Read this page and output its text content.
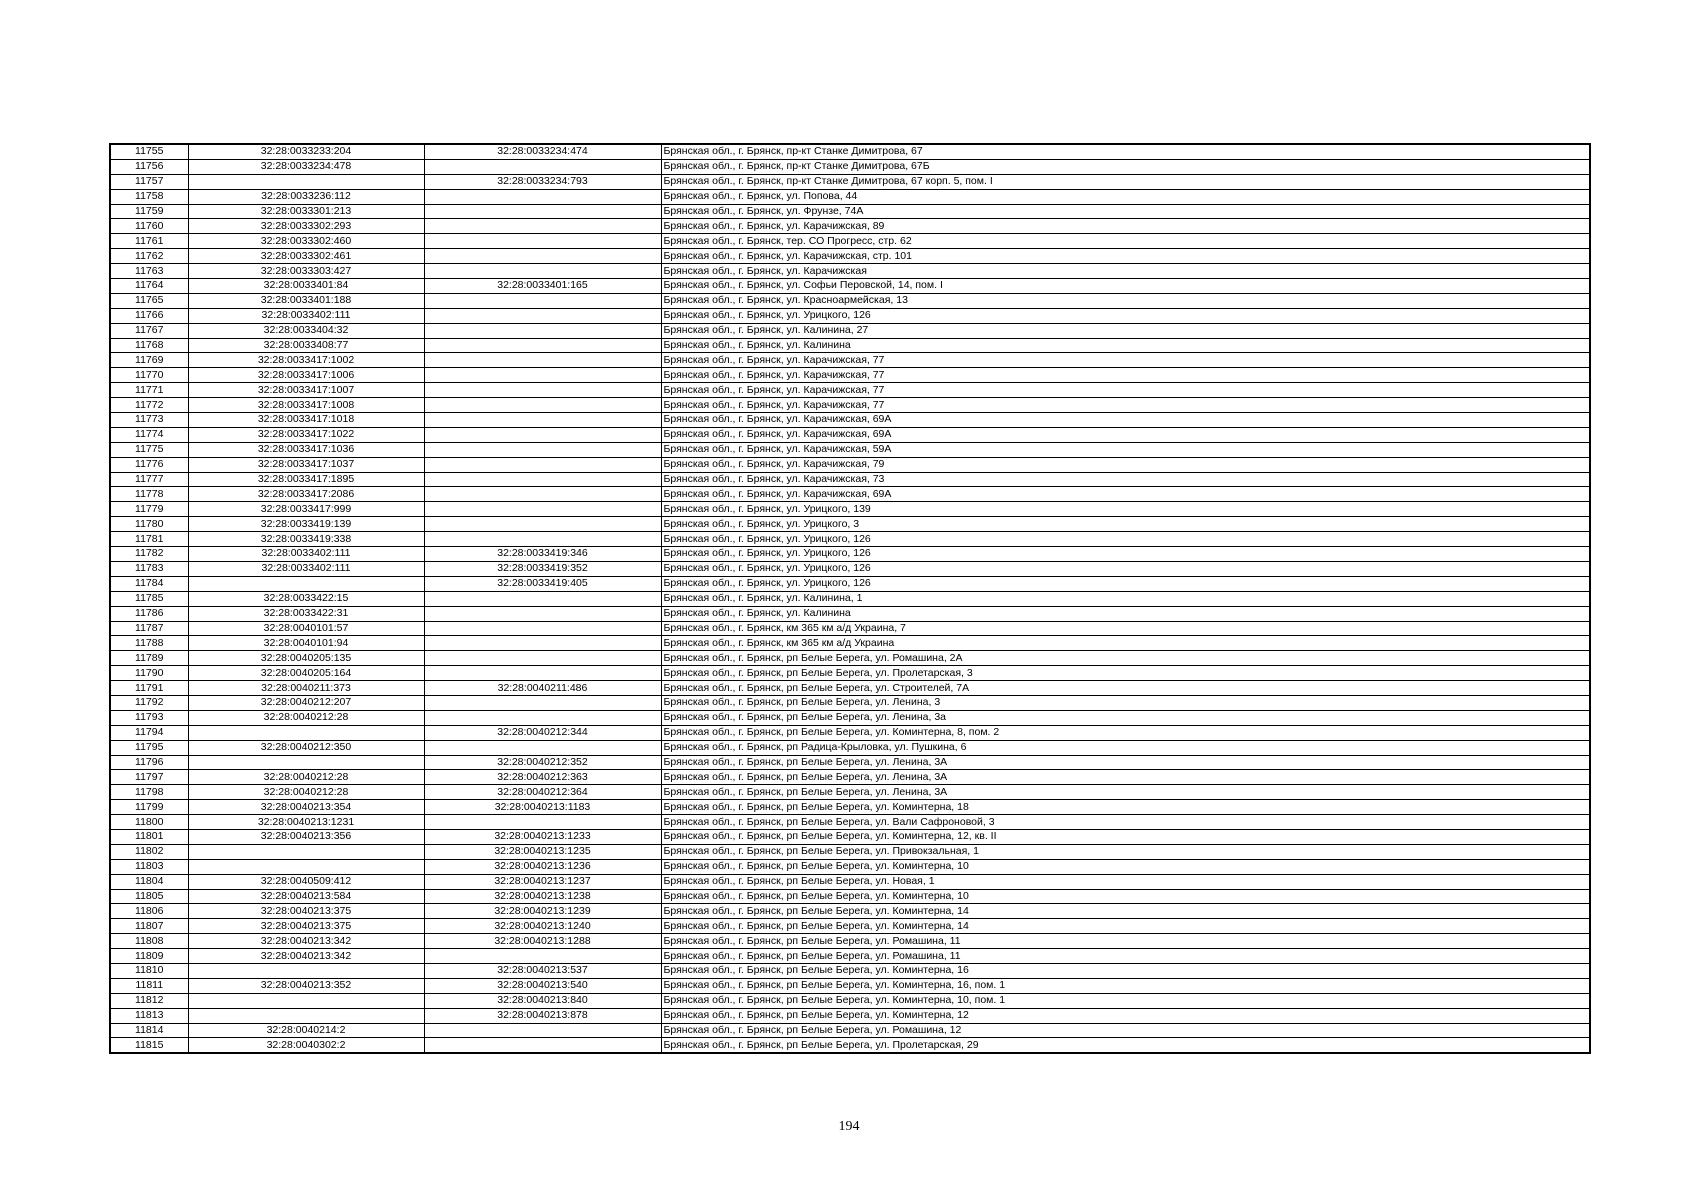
11755	32:28:0033233:204	32:28:0033234:474	Брянская обл., г. Брянск, пр-кт Станке Димитрова, 67
11756	32:28:0033234:478		Брянская обл., г. Брянск, пр-кт Станке Димитрова, 67Б
11757		32:28:0033234:793	Брянская обл., г. Брянск, пр-кт Станке Димитрова, 67 корп. 5, пом. I
11758	32:28:0033236:112		Брянская обл., г. Брянск, ул. Попова, 44
11759	32:28:0033301:213		Брянская обл., г. Брянск, ул. Фрунзе, 74А
11760	32:28:0033302:293		Брянская обл., г. Брянск, ул. Карачижская, 89
11761	32:28:0033302:460		Брянская обл., г. Брянск, тер. СО Прогресс, стр. 62
11762	32:28:0033302:461		Брянская обл., г. Брянск, ул. Карачижская, стр. 101
11763	32:28:0033303:427		Брянская обл., г. Брянск, ул. Карачижская
11764	32:28:0033401:84	32:28:0033401:165	Брянская обл., г. Брянск, ул. Софьи Перовской, 14, пом. I
11765	32:28:0033401:188		Брянская обл., г. Брянск, ул. Красноармейская, 13
11766	32:28:0033402:111		Брянская обл., г. Брянск, ул. Урицкого, 126
11767	32:28:0033404:32		Брянская обл., г. Брянск, ул. Калинина, 27
11768	32:28:0033408:77		Брянская обл., г. Брянск, ул. Калинина
11769	32:28:0033417:1002		Брянская обл., г. Брянск, ул. Карачижская, 77
11770	32:28:0033417:1006		Брянская обл., г. Брянск, ул. Карачижская, 77
11771	32:28:0033417:1007		Брянская обл., г. Брянск, ул. Карачижская, 77
11772	32:28:0033417:1008		Брянская обл., г. Брянск, ул. Карачижская, 77
11773	32:28:0033417:1018		Брянская обл., г. Брянск, ул. Карачижская, 69А
11774	32:28:0033417:1022		Брянская обл., г. Брянск, ул. Карачижская, 69А
11775	32:28:0033417:1036		Брянская обл., г. Брянск, ул. Карачижская, 59А
11776	32:28:0033417:1037		Брянская обл., г. Брянск, ул. Карачижская, 79
11777	32:28:0033417:1895		Брянская обл., г. Брянск, ул. Карачижская, 73
11778	32:28:0033417:2086		Брянская обл., г. Брянск, ул. Карачижская, 69А
11779	32:28:0033417:999		Брянская обл., г. Брянск, ул. Урицкого, 139
11780	32:28:0033419:139		Брянская обл., г. Брянск, ул. Урицкого, 3
11781	32:28:0033419:338		Брянская обл., г. Брянск, ул. Урицкого, 126
11782	32:28:0033402:111	32:28:0033419:346	Брянская обл., г. Брянск, ул. Урицкого, 126
11783	32:28:0033402:111	32:28:0033419:352	Брянская обл., г. Брянск, ул. Урицкого, 126
11784		32:28:0033419:405	Брянская обл., г. Брянск, ул. Урицкого, 126
11785	32:28:0033422:15		Брянская обл., г. Брянск, ул. Калинина, 1
11786	32:28:0033422:31		Брянская обл., г. Брянск, ул. Калинина
11787	32:28:0040101:57		Брянская обл., г. Брянск, км 365 км а/д Украина, 7
11788	32:28:0040101:94		Брянская обл., г. Брянск, км 365 км а/д Украина
11789	32:28:0040205:135		Брянская обл., г. Брянск, рп Белые Берега, ул. Ромашина, 2А
11790	32:28:0040205:164		Брянская обл., г. Брянск, рп Белые Берега, ул. Пролетарская, 3
11791	32:28:0040211:373	32:28:0040211:486	Брянская обл., г. Брянск, рп Белые Берега, ул. Строителей, 7А
11792	32:28:0040212:207		Брянская обл., г. Брянск, рп Белые Берега, ул. Ленина, 3
11793	32:28:0040212:28		Брянская обл., г. Брянск, рп Белые Берега, ул. Ленина, 3а
11794		32:28:0040212:344	Брянская обл., г. Брянск, рп Белые Берега, ул. Коминтерна, 8, пом. 2
11795	32:28:0040212:350		Брянская обл., г. Брянск, рп Радица-Крыловка, ул. Пушкина, 6
11796		32:28:0040212:352	Брянская обл., г. Брянск, рп Белые Берега, ул. Ленина, 3А
11797	32:28:0040212:28	32:28:0040212:363	Брянская обл., г. Брянск, рп Белые Берега, ул. Ленина, 3А
11798	32:28:0040212:28	32:28:0040212:364	Брянская обл., г. Брянск, рп Белые Берега, ул. Ленина, 3А
11799	32:28:0040213:354	32:28:0040213:1183	Брянская обл., г. Брянск, рп Белые Берега, ул. Коминтерна, 18
11800	32:28:0040213:1231		Брянская обл., г. Брянск, рп Белые Берега, ул. Вали Сафроновой, 3
11801	32:28:0040213:356	32:28:0040213:1233	Брянская обл., г. Брянск, рп Белые Берега, ул. Коминтерна, 12, кв. II
11802		32:28:0040213:1235	Брянская обл., г. Брянск, рп Белые Берега, ул. Привокзальная, 1
11803		32:28:0040213:1236	Брянская обл., г. Брянск, рп Белые Берега, ул. Коминтерна, 10
11804	32:28:0040509:412	32:28:0040213:1237	Брянская обл., г. Брянск, рп Белые Берега, ул. Новая, 1
11805	32:28:0040213:584	32:28:0040213:1238	Брянская обл., г. Брянск, рп Белые Берега, ул. Коминтерна, 10
11806	32:28:0040213:375	32:28:0040213:1239	Брянская обл., г. Брянск, рп Белые Берега, ул. Коминтерна, 14
11807	32:28:0040213:375	32:28:0040213:1240	Брянская обл., г. Брянск, рп Белые Берега, ул. Коминтерна, 14
11808	32:28:0040213:342	32:28:0040213:1288	Брянская обл., г. Брянск, рп Белые Берега, ул. Ромашина, 11
11809	32:28:0040213:342		Брянская обл., г. Брянск, рп Белые Берега, ул. Ромашина, 11
11810		32:28:0040213:537	Брянская обл., г. Брянск, рп Белые Берега, ул. Коминтерна, 16
11811	32:28:0040213:352	32:28:0040213:540	Брянская обл., г. Брянск, рп Белые Берега, ул. Коминтерна, 16, пом. 1
11812		32:28:0040213:840	Брянская обл., г. Брянск, рп Белые Берега, ул. Коминтерна, 10, пом. 1
11813		32:28:0040213:878	Брянская обл., г. Брянск, рп Белые Берега, ул. Коминтерна, 12
11814	32:28:0040214:2		Брянская обл., г. Брянск, рп Белые Берега, ул. Ромашина, 12
11815	32:28:0040302:2		Брянская обл., г. Брянск, рп Белые Берега, ул. Пролетарская, 29
194
